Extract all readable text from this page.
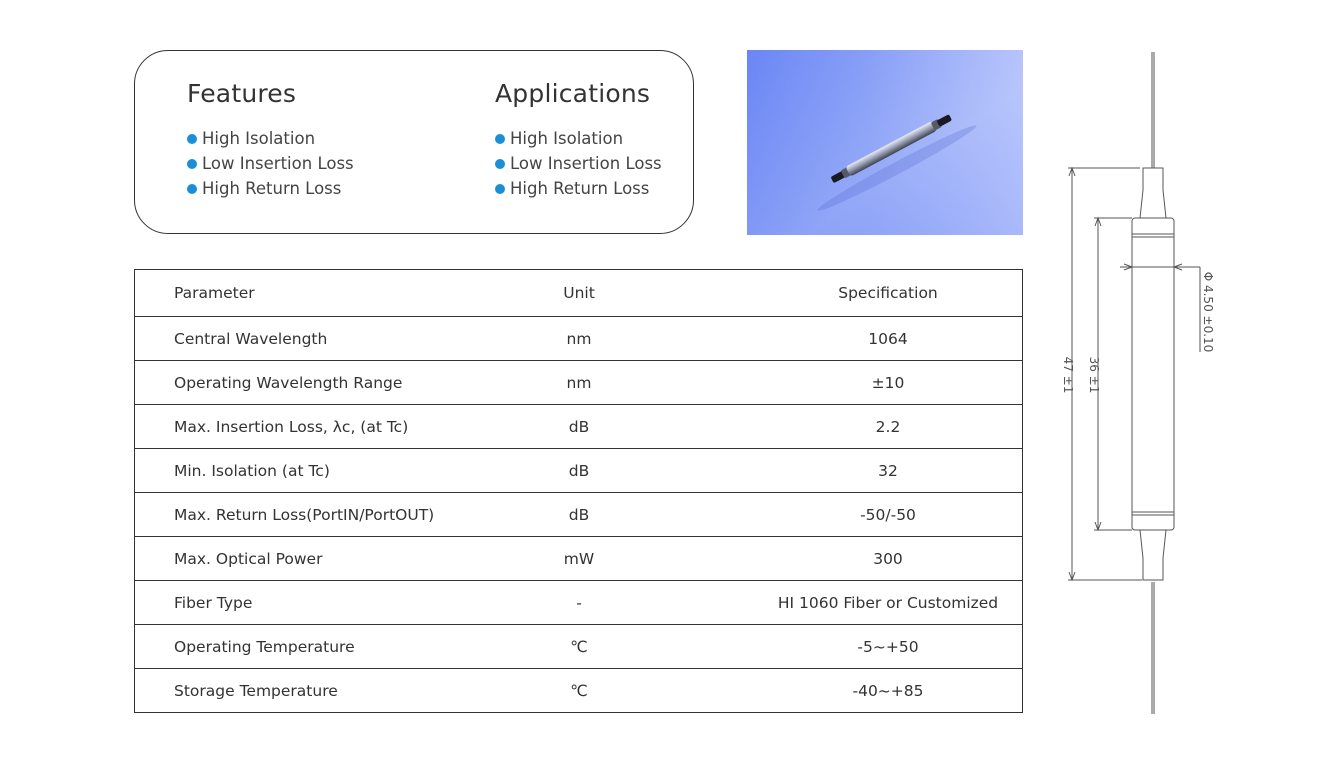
Features
High Isolation
Low Insertion Loss
High Return Loss
Applications
High Isolation
Low Insertion Loss
High Return Loss
Parameter	Unit	Specification
Central Wavelength	nm	1064
Operating Wavelength Range	nm	±10
Max. Insertion Loss, λc, (at Tc)	dB	2.2
Min. Isolation (at Tc)	dB	32
Max. Return Loss(PortIN/PortOUT)	dB	-50/-50
Max. Optical Power	mW	300
Fiber Type	-	HI 1060 Fiber or Customized
Operating Temperature	℃	-5~+50
Storage Temperature	℃	-40~+85
47 ±1 36 ±1
Φ 4.50 ±0.10
